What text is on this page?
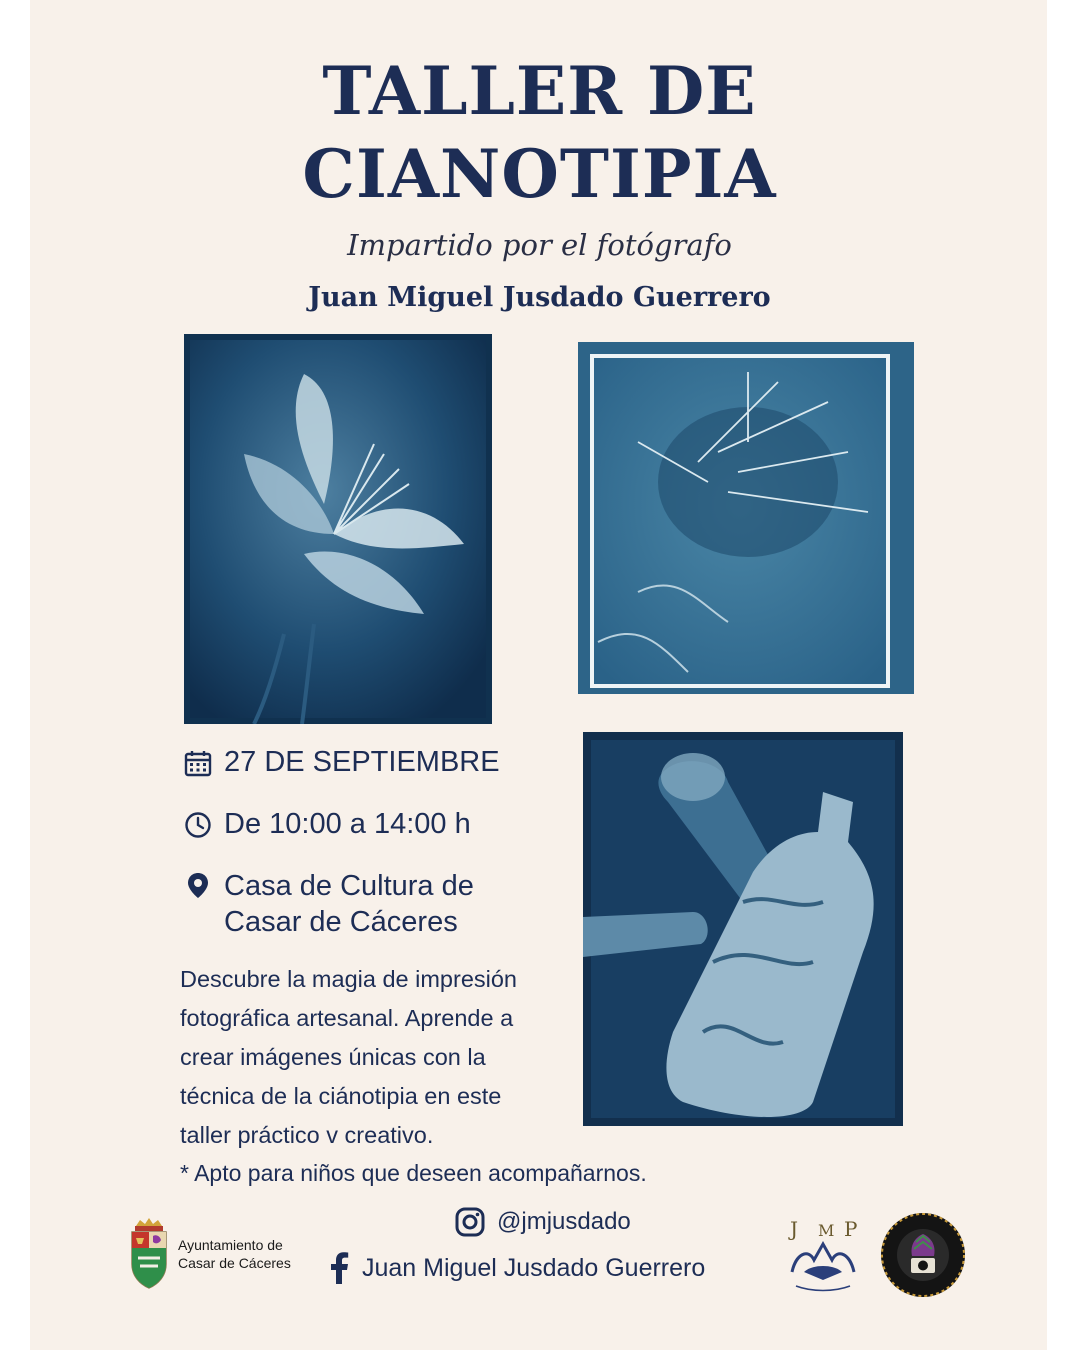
TALLER DE
CIANOTIPIA
Impartido por el fotógrafo
Juan Miguel Jusdado Guerrero
27 DE SEPTIEMBRE
De 10:00 a 14:00 h
Casa de Cultura de
Casar de Cáceres
Descubre la magia de impresión
fotográfica artesanal. Aprende a
crear imágenes únicas con la
técnica de la ciánotipia en este
taller práctico v creativo.
* Apto para niños que deseen acompañarnos.
@jmjusdado
Juan Miguel Jusdado Guerrero
Ayuntamiento de
Casar de Cáceres
J M P
